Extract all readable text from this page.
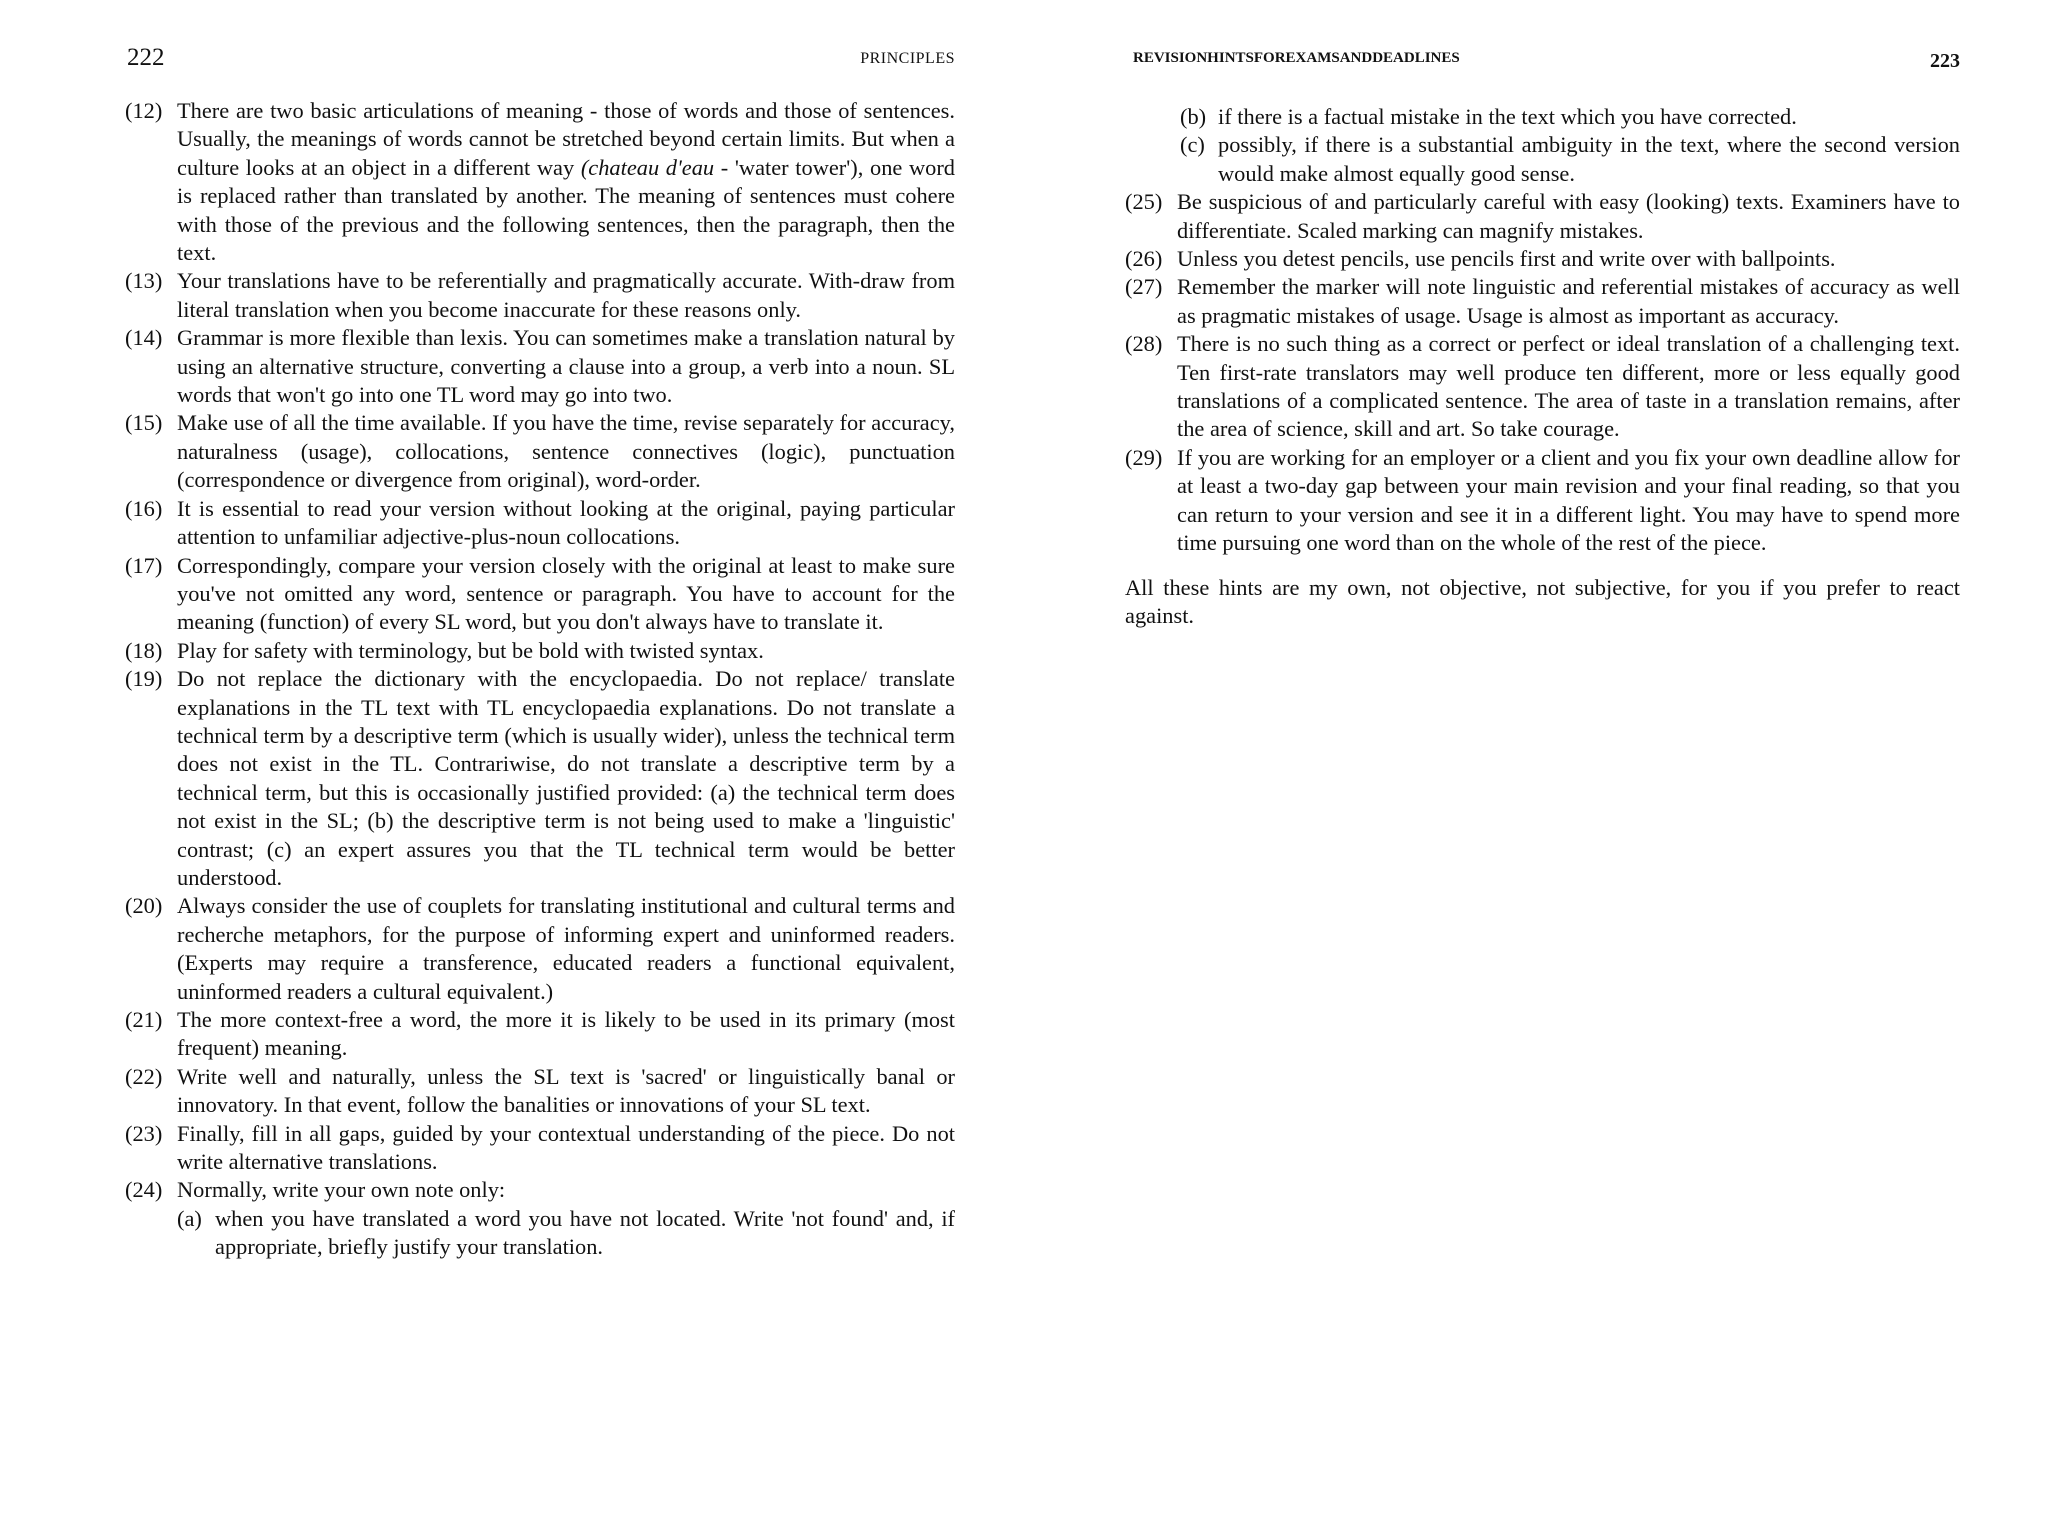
222	PRINCIPLES
(12) There are two basic articulations of meaning - those of words and those of sentences. Usually, the meanings of words cannot be stretched beyond certain limits. But when a culture looks at an object in a different way (chateau d'eau - 'water tower'), one word is replaced rather than translated by another. The meaning of sentences must cohere with those of the previous and the following sentences, then the paragraph, then the text.
(13) Your translations have to be referentially and pragmatically accurate. With-draw from literal translation when you become inaccurate for these reasons only.
(14) Grammar is more flexible than lexis. You can sometimes make a translation natural by using an alternative structure, converting a clause into a group, a verb into a noun. SL words that won't go into one TL word may go into two.
(15) Make use of all the time available. If you have the time, revise separately for accuracy, naturalness (usage), collocations, sentence connectives (logic), punctuation (correspondence or divergence from original), word-order.
(16) It is essential to read your version without looking at the original, paying particular attention to unfamiliar adjective-plus-noun collocations.
(17) Correspondingly, compare your version closely with the original at least to make sure you've not omitted any word, sentence or paragraph. You have to account for the meaning (function) of every SL word, but you don't always have to translate it.
(18) Play for safety with terminology, but be bold with twisted syntax.
(19) Do not replace the dictionary with the encyclopaedia. Do not replace/ translate explanations in the TL text with TL encyclopaedia explanations. Do not translate a technical term by a descriptive term (which is usually wider), unless the technical term does not exist in the TL. Contrariwise, do not translate a descriptive term by a technical term, but this is occasionally justified provided: (a) the technical term does not exist in the SL; (b) the descriptive term is not being used to make a 'linguistic' contrast; (c) an expert assures you that the TL technical term would be better understood.
(20) Always consider the use of couplets for translating institutional and cultural terms and recherche metaphors, for the purpose of informing expert and uninformed readers. (Experts may require a transference, educated readers a functional equivalent, uninformed readers a cultural equivalent.)
(21) The more context-free a word, the more it is likely to be used in its primary (most frequent) meaning.
(22) Write well and naturally, unless the SL text is 'sacred' or linguistically banal or innovatory. In that event, follow the banalities or innovations of your SL text.
(23) Finally, fill in all gaps, guided by your contextual understanding of the piece. Do not write alternative translations.
(24) Normally, write your own note only:
(a) when you have translated a word you have not located. Write 'not found' and, if appropriate, briefly justify your translation.
REVISIONHINTSFOREXAMSANDDEADLINES	223
(b) if there is a factual mistake in the text which you have corrected.
(c) possibly, if there is a substantial ambiguity in the text, where the second version would make almost equally good sense.
(25) Be suspicious of and particularly careful with easy (looking) texts. Examiners have to differentiate. Scaled marking can magnify mistakes.
(26) Unless you detest pencils, use pencils first and write over with ballpoints.
(27) Remember the marker will note linguistic and referential mistakes of accuracy as well as pragmatic mistakes of usage. Usage is almost as important as accuracy.
(28) There is no such thing as a correct or perfect or ideal translation of a challenging text. Ten first-rate translators may well produce ten different, more or less equally good translations of a complicated sentence. The area of taste in a translation remains, after the area of science, skill and art. So take courage.
(29) If you are working for an employer or a client and you fix your own deadline allow for at least a two-day gap between your main revision and your final reading, so that you can return to your version and see it in a different light. You may have to spend more time pursuing one word than on the whole of the rest of the piece.

All these hints are my own, not objective, not subjective, for you if you prefer to react against.
